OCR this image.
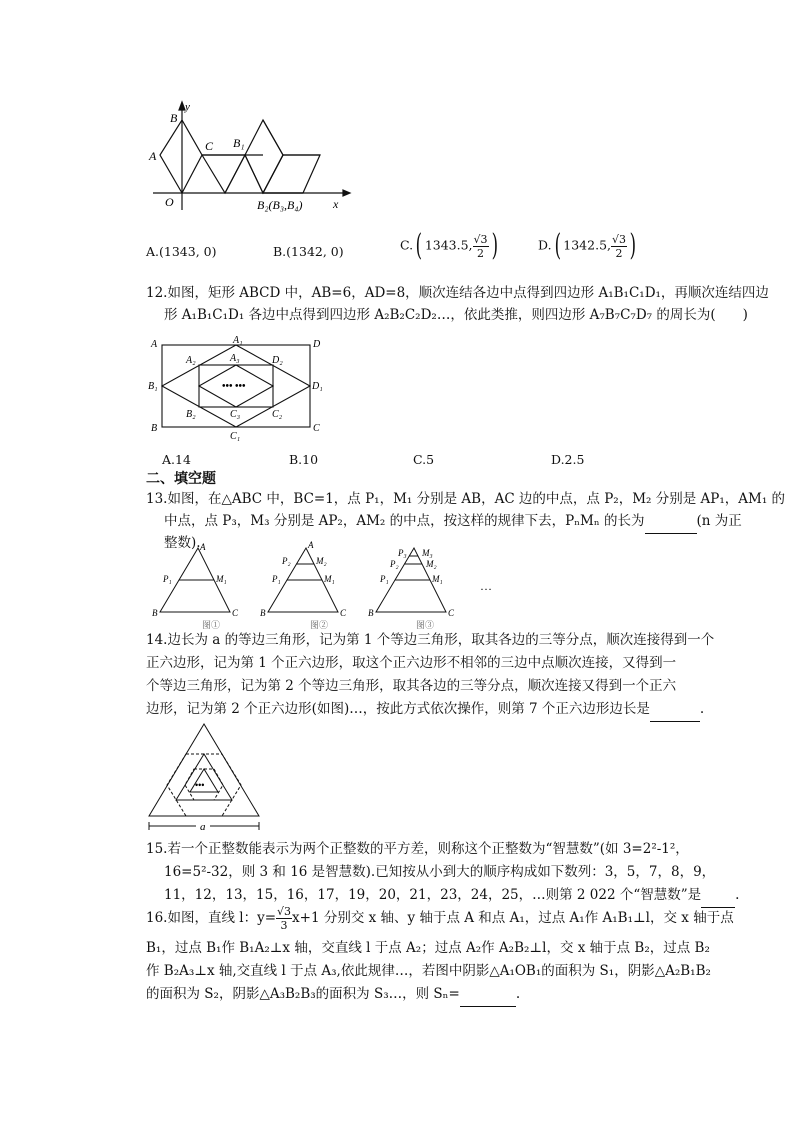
y
B
A
C B₁
O	B₂(B₃,B₄)	x
A.(1343, 0)	B.(1342, 0)	C.( 1343.5, $\frac{√3}{2}$ )	D.( 1342.5, $\frac{√3}{2}$ )
12.如图，矩形 ABCD 中，AB=6，AD=8，顺次连结各边中点得到四边形 A₁B₁C₁D₁，再顺次连结四边
形 A₁B₁C₁D₁ 各边中点得到四边形 A₂B₂C₂D₂…，依此类推，则四边形 A₇B₇C₇D₇ 的周长为(　　)
A	A₁	D
A₂	A₃	D₂
B₁	••• •••	D₁
B₂	C₃	C₂
B
C₁
C
A.14	B.10	C.5	D.2.5
二、填空题
13.如图，在△ABC 中，BC=1，点 P₁，M₁ 分别是 AB，AC 边的中点，点 P₂，M₂ 分别是 AP₁，AM₁ 的
中点，点 P₃，M₃ 分别是 AP₂，AM₂ 的中点，按这样的规律下去，PₙMₙ 的长为	(n 为正
整数). A
P₁	M₁
B	C
A
P₂	M₂
P₁	M₁
B	C
P₃ M₃
P₂	M₂
P₁	M₁
B	C
图①	图②	图③
…
14.边长为 a 的等边三角形，记为第 1 个等边三角形，取其各边的三等分点，顺次连接得到一个
正六边形，记为第 1 个正六边形，取这个正六边形不相邻的三边中点顺次连接，又得到一
个等边三角形，记为第 2 个等边三角形，取其各边的三等分点，顺次连接又得到一个正六
边形，记为第 2 个正六边形(如图)…，按此方式依次操作，则第 7 个正六边形边长是	.
•••
a
15.若一个正整数能表示为两个正整数的平方差，则称这个正整数为“智慧数”(如 3=2²-1²，
16=5²-32，则 3 和 16 是智慧数).已知按从小到大的顺序构成如下数列：3，5，7，8，9，
11，12，13，15，16，17，19，20，21，23，24，25，…则第 2 022 个“智慧数”是	.
16.如图，直线 l：$y= \frac{√3}{3} x+1$ 分别交 x 轴、y 轴于点 A 和点 A₁，过点 A₁作 A₁B₁⊥l，交 x 轴于点
B₁，过点 B₁作 B₁A₂⊥x 轴，交直线 l 于点 A₂；过点 A₂作 A₂B₂⊥l，交 x 轴于点 B₂，过点 B₂
作 B₂A₃⊥x 轴,交直线 l 于点 A₃,依此规律…，若图中阴影△A₁OB₁的面积为 S₁，阴影△A₂B₁B₂
的面积为 S₂，阴影△A₃B₂B₃的面积为 S₃…，则 Sₙ=	.
